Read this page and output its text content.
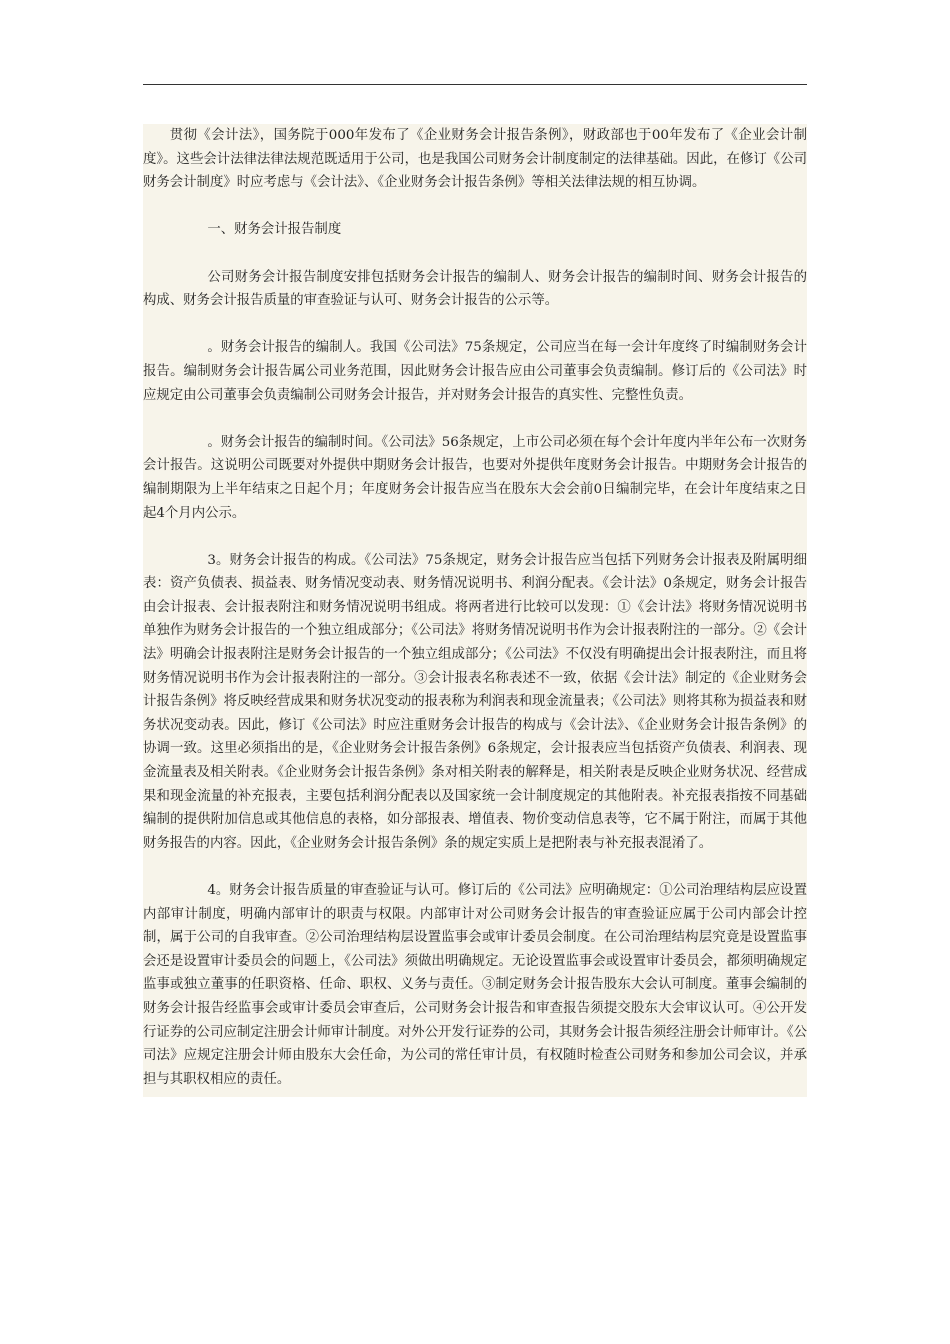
贯彻《会计法》，国务院于000年发布了《企业财务会计报告条例》，财政部也于00年发布了《企业会计制度》。这些会计法律法律法规范既适用于公司，也是我国公司财务会计制度制定的法律基础。因此，在修订《公司财务会计制度》时应考虑与《会计法》、《企业财务会计报告条例》等相关法律法规的相互协调。

一、财务会计报告制度

公司财务会计报告制度安排包括财务会计报告的编制人、财务会计报告的编制时间、财务会计报告的构成、财务会计报告质量的审查验证与认可、财务会计报告的公示等。

。财务会计报告的编制人。我国《公司法》75条规定，公司应当在每一会计年度终了时编制财务会计报告。编制财务会计报告属公司业务范围，因此财务会计报告应由公司董事会负责编制。修订后的《公司法》时应规定由公司董事会负责编制公司财务会计报告，并对财务会计报告的真实性、完整性负责。

。财务会计报告的编制时间。《公司法》56条规定，上市公司必须在每个会计年度内半年公布一次财务会计报告。这说明公司既要对外提供中期财务会计报告，也要对外提供年度财务会计报告。中期财务会计报告的编制期限为上半年结束之日起个月；年度财务会计报告应当在股东大会会前0日编制完毕，在会计年度结束之日起4个月内公示。

3。财务会计报告的构成。《公司法》75条规定，财务会计报告应当包括下列财务会计报表及附属明细表：资产负债表、损益表、财务情况变动表、财务情况说明书、利润分配表。《会计法》0条规定，财务会计报告由会计报表、会计报表附注和财务情况说明书组成。将两者进行比较可以发现：①《会计法》将财务情况说明书单独作为财务会计报告的一个独立组成部分；《公司法》将财务情况说明书作为会计报表附注的一部分。②《会计法》明确会计报表附注是财务会计报告的一个独立组成部分；《公司法》不仅没有明确提出会计报表附注，而且将财务情况说明书作为会计报表附注的一部分。③会计报表名称表述不一致，依据《会计法》制定的《企业财务会计报告条例》将反映经营成果和财务状况变动的报表称为利润表和现金流量表；《公司法》则将其称为损益表和财务状况变动表。因此，修订《公司法》时应注重财务会计报告的构成与《会计法》、《企业财务会计报告条例》的协调一致。这里必须指出的是，《企业财务会计报告条例》6条规定，会计报表应当包括资产负债表、利润表、现金流量表及相关附表。《企业财务会计报告条例》条对相关附表的解释是，相关附表是反映企业财务状况、经营成果和现金流量的补充报表，主要包括利润分配表以及国家统一会计制度规定的其他附表。补充报表指按不同基础编制的提供附加信息或其他信息的表格，如分部报表、增值表、物价变动信息表等，它不属于附注，而属于其他财务报告的内容。因此，《企业财务会计报告条例》条的规定实质上是把附表与补充报表混淆了。

4。财务会计报告质量的审查验证与认可。修订后的《公司法》应明确规定：①公司治理结构层应设置内部审计制度，明确内部审计的职责与权限。内部审计对公司财务会计报告的审查验证应属于公司内部会计控制，属于公司的自我审查。②公司治理结构层设置监事会或审计委员会制度。在公司治理结构层究竟是设置监事会还是设置审计委员会的问题上，《公司法》须做出明确规定。无论设置监事会或设置审计委员会，都须明确规定监事或独立董事的任职资格、任命、职权、义务与责任。③制定财务会计报告股东大会认可制度。董事会编制的财务会计报告经监事会或审计委员会审查后，公司财务会计报告和审查报告须提交股东大会审议认可。④公开发行证券的公司应制定注册会计师审计制度。对外公开发行证券的公司，其财务会计报告须经注册会计师审计。《公司法》应规定注册会计师由股东大会任命，为公司的常任审计员，有权随时检查公司财务和参加公司会议，并承担与其职权相应的责任。
